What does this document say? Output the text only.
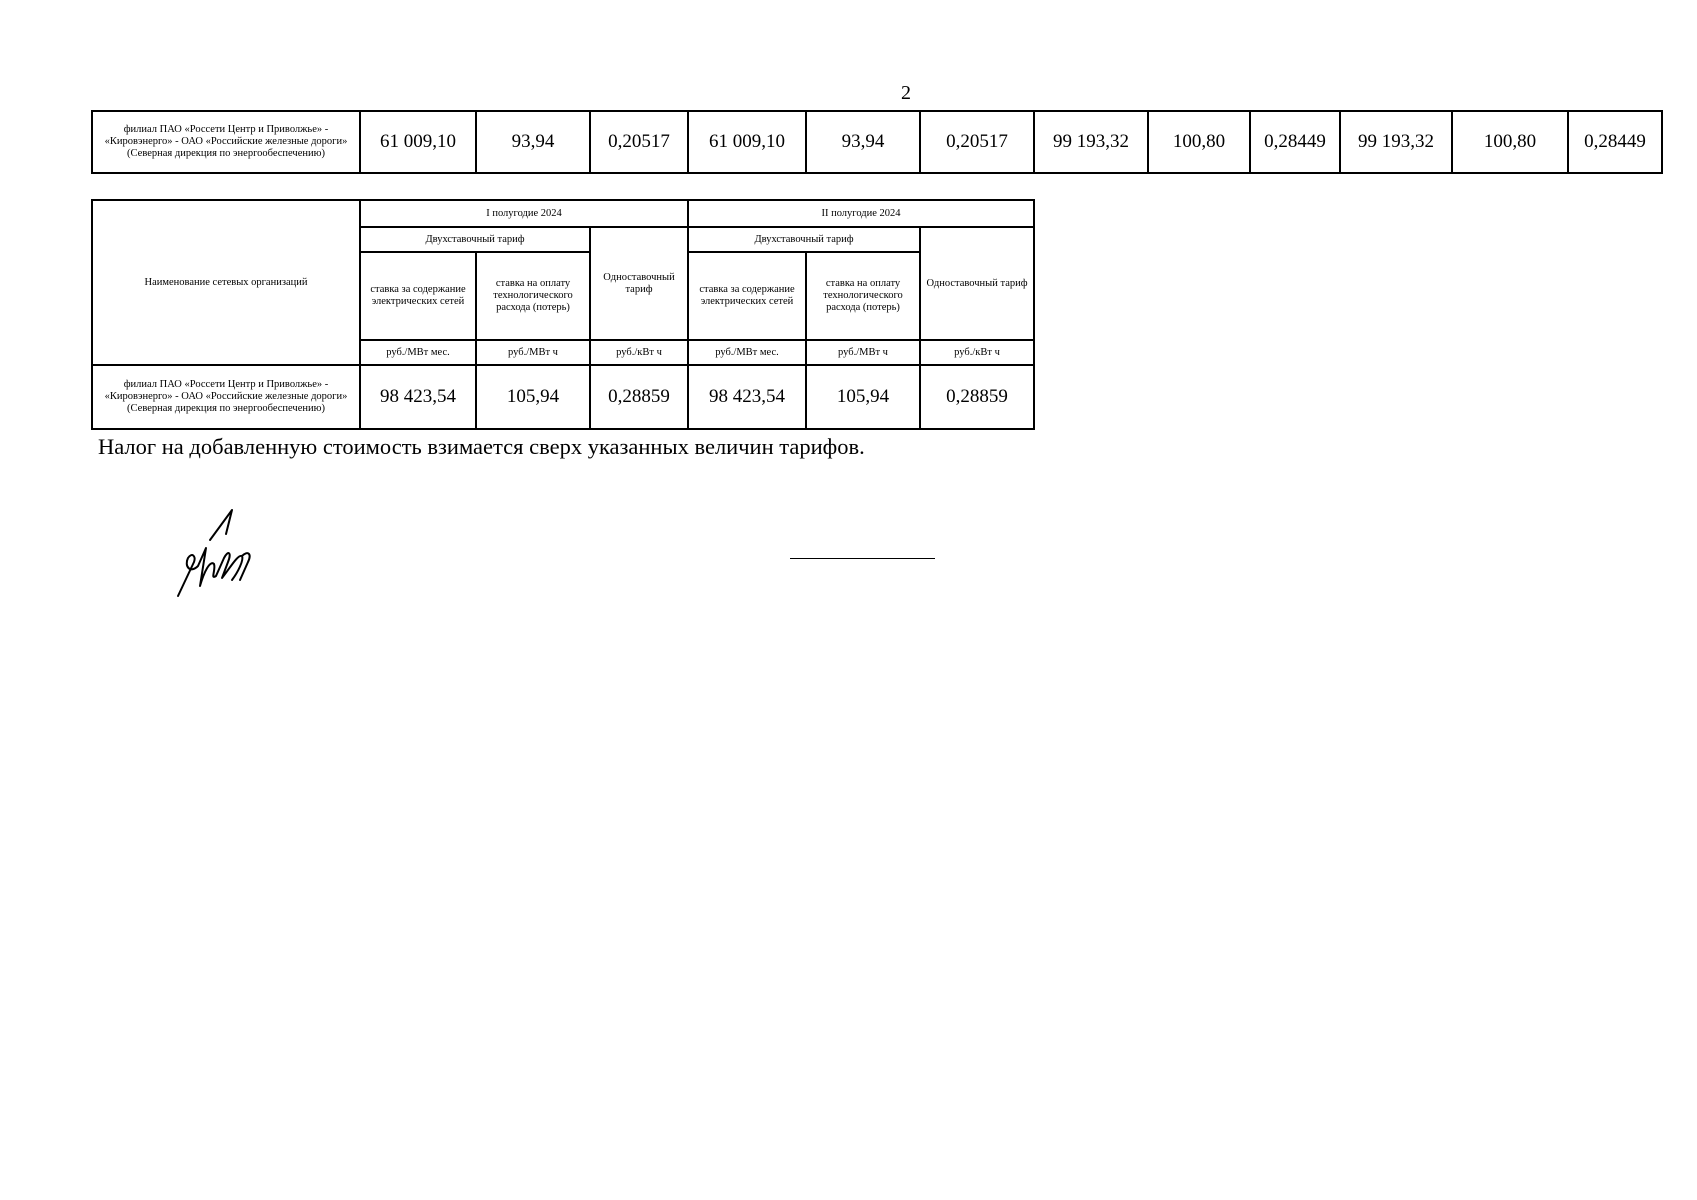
2
филиал ПАО «Россети Центр и Приволжье» - «Кировэнерго» - ОАО «Российские железные дороги» (Северная дирекция по энергообеспечению)	61 009,10	93,94	0,20517	61 009,10	93,94	0,20517	99 193,32	100,80	0,28449	99 193,32	100,80	0,28449
Наименование сетевых организаций	I полугодие 2024			II полугодие 2024		
	Двухставочный тариф		Одноставочный тариф	Двухставочный тариф		Одноставочный тариф
	ставка за содержание электрических сетей	ставка на оплату технологического расхода (потерь)		ставка за содержание электрических сетей	ставка на оплату технологического расхода (потерь)	
	руб./МВт мес.	руб./МВт ч	руб./кВт ч	руб./МВт мес.	руб./МВт ч	руб./кВт ч
филиал ПАО «Россети Центр и Приволжье» - «Кировэнерго» - ОАО «Российские железные дороги» (Северная дирекция по энергообеспечению)	98 423,54	105,94	0,28859	98 423,54	105,94	0,28859
Налог на добавленную стоимость взимается сверх указанных величин тарифов.
